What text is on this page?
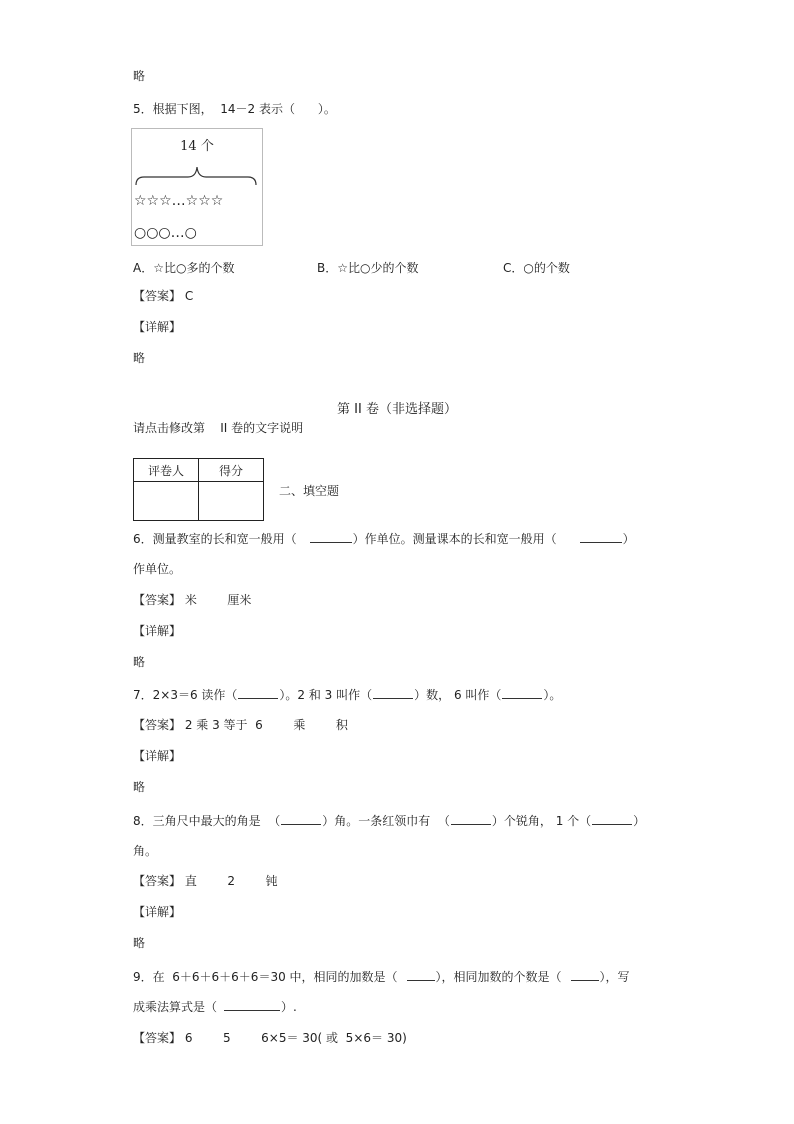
略
5．根据下图，  14－2 表示（      ）。
14 个
☆☆☆…☆☆☆
○○○…○
A．☆比○多的个数	B．☆比○少的个数	C．○的个数
【答案】 C
【详解】
略
第 II 卷（非选择题）
请点击修改第    II 卷的文字说明
评卷人	得分

二、填空题
6．测量教室的长和宽一般用（	）作单位。测量课本的长和宽一般用（	）
作单位。
【答案】 米        厘米
【详解】
略
7．2×3＝6 读作（	）。2 和 3 叫作（	）数， 6 叫作（	）。
【答案】 2 乘 3 等于  6        乘        积
【详解】
略
8．三角尺中最大的角是  （	）角。一条红领巾有  （	）个锐角， 1 个（	）
角。
【答案】 直        2        钝
【详解】
略
9．在  6＋6＋6＋6＋6＝30 中，相同的加数是（	），相同加数的个数是（	），写
成乘法算式是（	）.
【答案】 6        5        6×5＝ 30( 或  5×6＝ 30)
